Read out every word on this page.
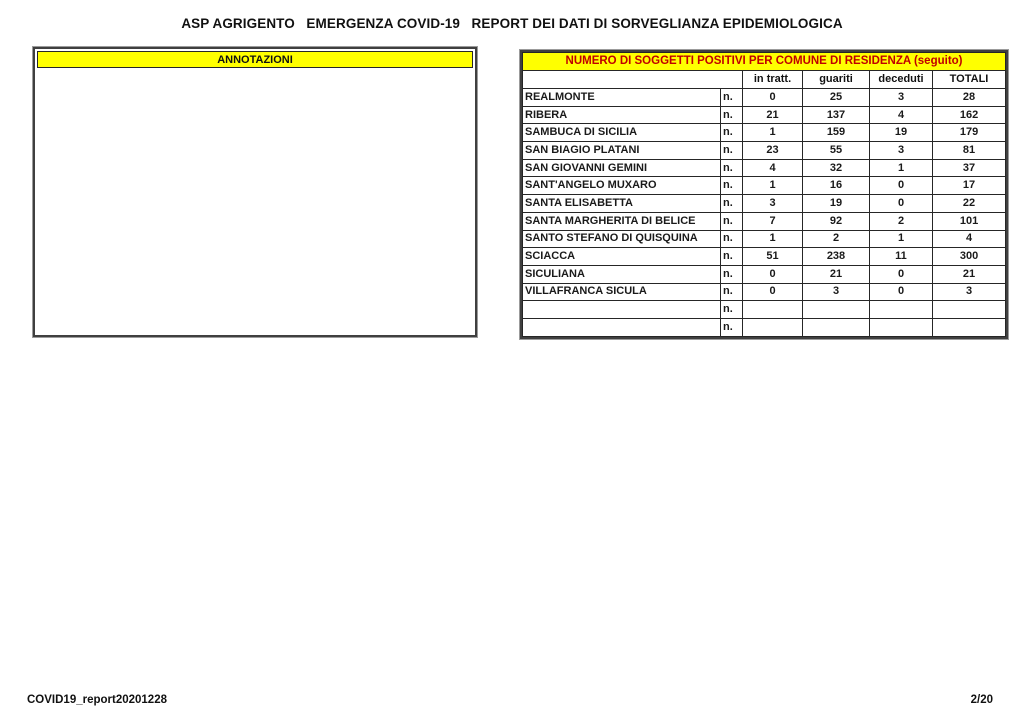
ASP AGRIGENTO   EMERGENZA COVID-19   REPORT DEI DATI DI SORVEGLIANZA EPIDEMIOLOGICA
ANNOTAZIONI	NUMERO DI SOGGETTI POSITIVI PER COMUNE DI RESIDENZA (seguito)					
		in tratt.	guariti	deceduti	TOTALI
REALMONTE	n.	0	25	3	28
RIBERA	n.	21	137	4	162
SAMBUCA DI SICILIA	n.	1	159	19	179
SAN BIAGIO PLATANI	n.	23	55	3	81
SAN GIOVANNI GEMINI	n.	4	32	1	37
SANT'ANGELO MUXARO	n.	1	16	0	17
SANTA ELISABETTA	n.	3	19	0	22
SANTA MARGHERITA DI BELICE	n.	7	92	2	101
SANTO STEFANO DI QUISQUINA	n.	1	2	1	4
SCIACCA	n.	51	238	11	300
SICULIANA	n.	0	21	0	21
VILLAFRANCA SICULA	n.	0	3	0	3
	n.				
	n.				
COVID19_report20201228	2/20
